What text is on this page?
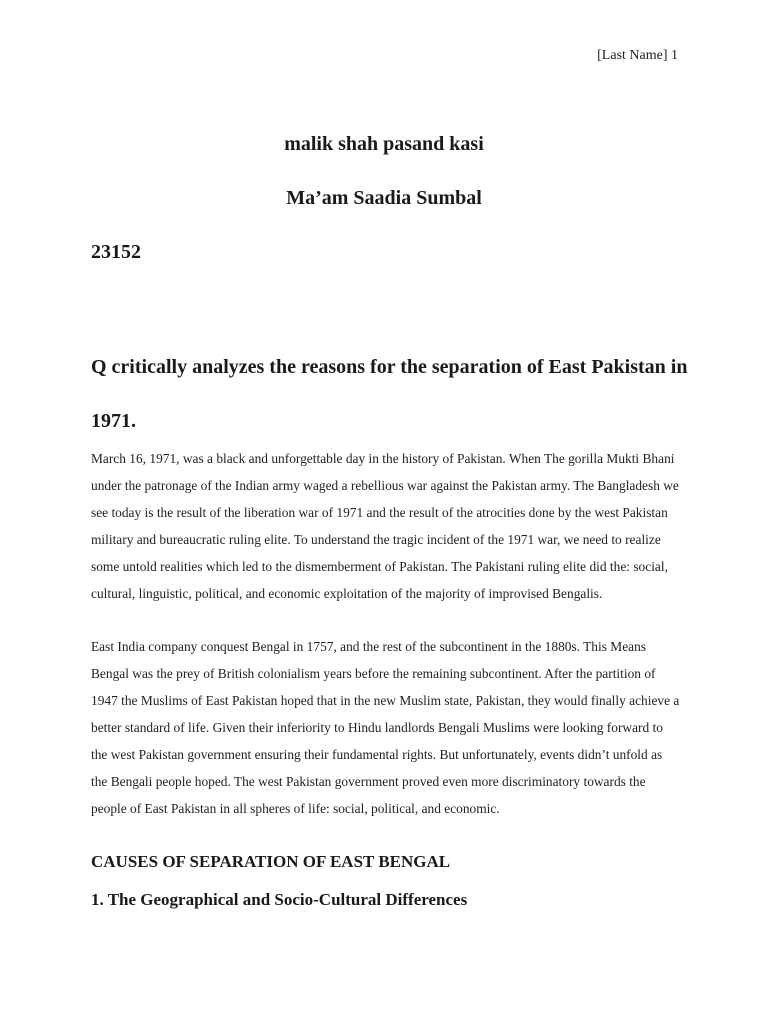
[Last Name] 1
malik shah pasand kasi
Ma’am Saadia Sumbal
23152
Q critically analyzes the reasons for the separation of East Pakistan in 1971.

March 16, 1971, was a black and unforgettable day in the history of Pakistan. When The gorilla Mukti Bhani under the patronage of the Indian army waged a rebellious war against the Pakistan army. The Bangladesh we see today is the result of the liberation war of 1971 and the result of the atrocities done by the west Pakistan military and bureaucratic ruling elite. To understand the tragic incident of the 1971 war, we need to realize some untold realities which led to the dismemberment of Pakistan. The Pakistani ruling elite did the: social, cultural, linguistic, political, and economic exploitation of the majority of improvised Bengalis.

East India company conquest Bengal in 1757, and the rest of the subcontinent in the 1880s. This Means Bengal was the prey of British colonialism years before the remaining subcontinent. After the partition of 1947 the Muslims of East Pakistan hoped that in the new Muslim state, Pakistan, they would finally achieve a better standard of life. Given their inferiority to Hindu landlords Bengali Muslims were looking forward to the west Pakistan government ensuring their fundamental rights. But unfortunately, events didn’t unfold as the Bengali people hoped. The west Pakistan government proved even more discriminatory towards the people of East Pakistan in all spheres of life: social, political, and economic.

CAUSES OF SEPARATION OF EAST BENGAL
1. The Geographical and Socio-Cultural Differences
